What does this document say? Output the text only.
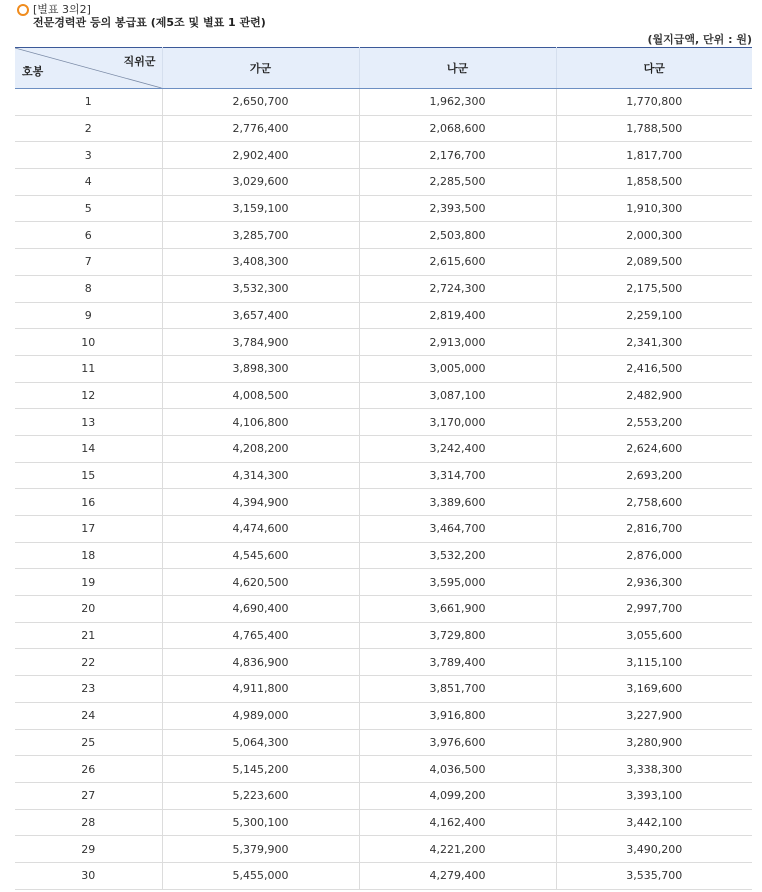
[별표 3의2]
전문경력관 등의 봉급표 (제5조 및 별표 1 관련)
(월지급액, 단위 : 원)
직위군
호봉	가군	나군	다군
1	2,650,700	1,962,300	1,770,800
2	2,776,400	2,068,600	1,788,500
3	2,902,400	2,176,700	1,817,700
4	3,029,600	2,285,500	1,858,500
5	3,159,100	2,393,500	1,910,300
6	3,285,700	2,503,800	2,000,300
7	3,408,300	2,615,600	2,089,500
8	3,532,300	2,724,300	2,175,500
9	3,657,400	2,819,400	2,259,100
10	3,784,900	2,913,000	2,341,300
11	3,898,300	3,005,000	2,416,500
12	4,008,500	3,087,100	2,482,900
13	4,106,800	3,170,000	2,553,200
14	4,208,200	3,242,400	2,624,600
15	4,314,300	3,314,700	2,693,200
16	4,394,900	3,389,600	2,758,600
17	4,474,600	3,464,700	2,816,700
18	4,545,600	3,532,200	2,876,000
19	4,620,500	3,595,000	2,936,300
20	4,690,400	3,661,900	2,997,700
21	4,765,400	3,729,800	3,055,600
22	4,836,900	3,789,400	3,115,100
23	4,911,800	3,851,700	3,169,600
24	4,989,000	3,916,800	3,227,900
25	5,064,300	3,976,600	3,280,900
26	5,145,200	4,036,500	3,338,300
27	5,223,600	4,099,200	3,393,100
28	5,300,100	4,162,400	3,442,100
29	5,379,900	4,221,200	3,490,200
30	5,455,000	4,279,400	3,535,700
